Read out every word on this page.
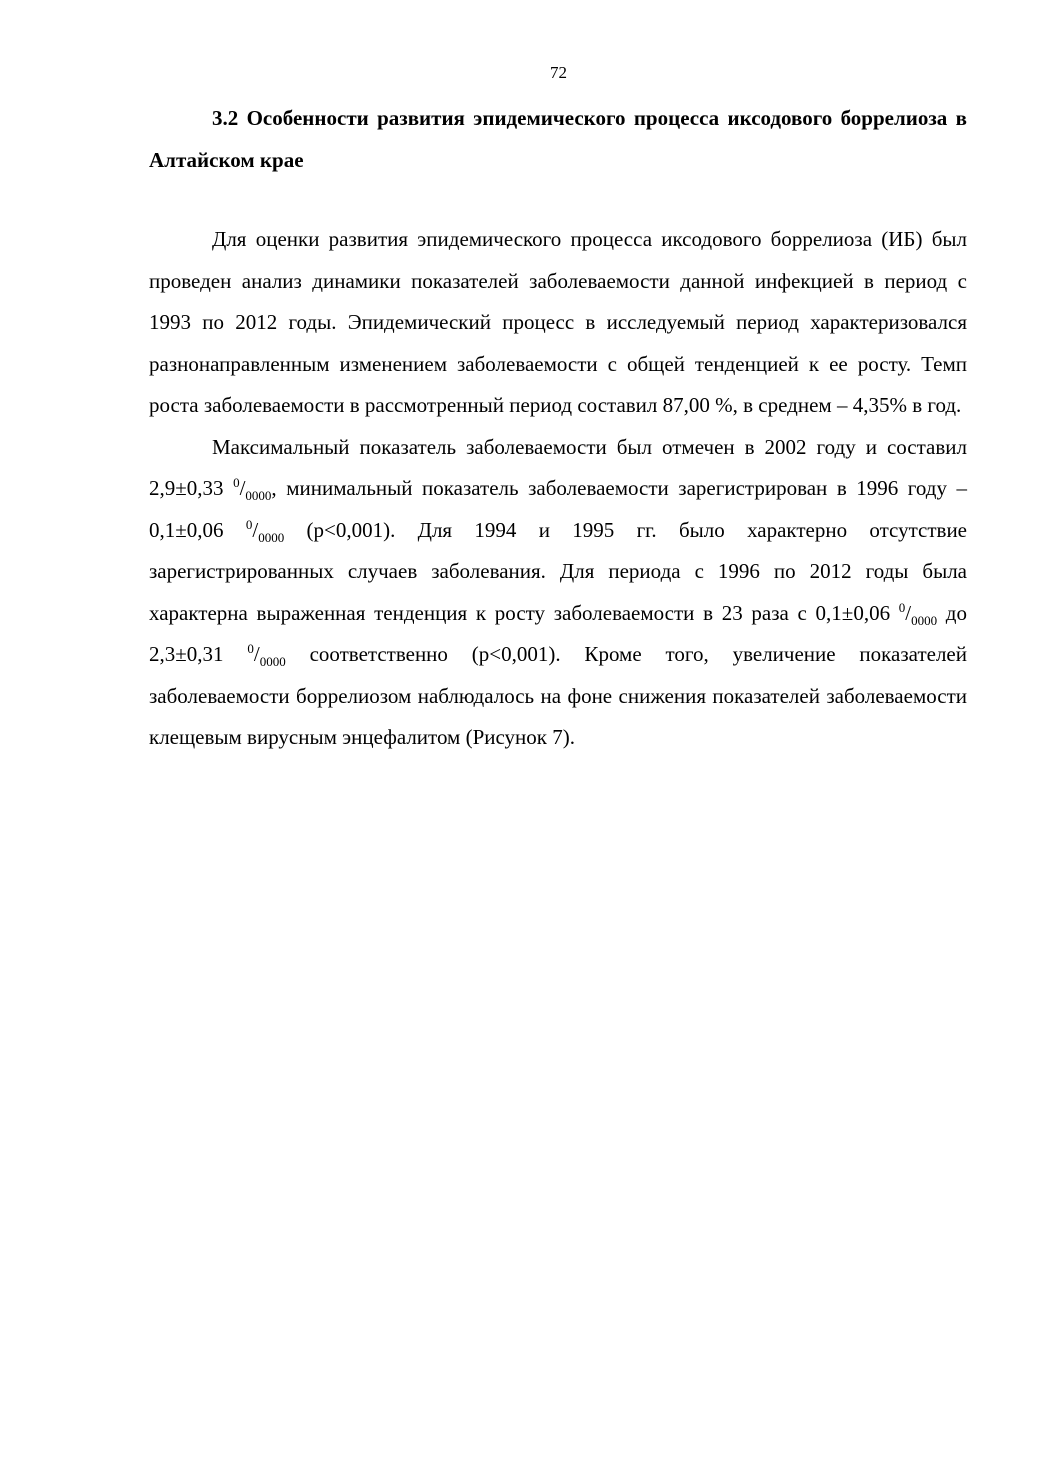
72
3.2 Особенности развития эпидемического процесса иксодового боррелиоза в Алтайском крае

Для оценки развития эпидемического процесса иксодового боррелиоза (ИБ) был проведен анализ динамики показателей заболеваемости данной инфекцией в период с 1993 по 2012 годы. Эпидемический процесс в исследуемый период характеризовался разнонаправленным изменением заболеваемости с общей тенденцией к ее росту. Темп роста заболеваемости в рассмотренный период составил 87,00 %, в среднем – 4,35% в год.

Максимальный показатель заболеваемости был отмечен в 2002 году и составил 2,9±0,33 $^0/_{0000}$, минимальный показатель заболеваемости зарегистрирован в 1996 году – 0,1±0,06 $^0/_{0000}$ (р<0,001). Для 1994 и 1995 гг. было характерно отсутствие зарегистрированных случаев заболевания. Для периода с 1996 по 2012 годы была характерна выраженная тенденция к росту заболеваемости в 23 раза с 0,1±0,06 $^0/_{0000}$ до 2,3±0,31 $^0/_{0000}$ соответственно (р<0,001). Кроме того, увеличение показателей заболеваемости боррелиозом наблюдалось на фоне снижения показателей заболеваемости клещевым вирусным энцефалитом (Рисунок 7).
